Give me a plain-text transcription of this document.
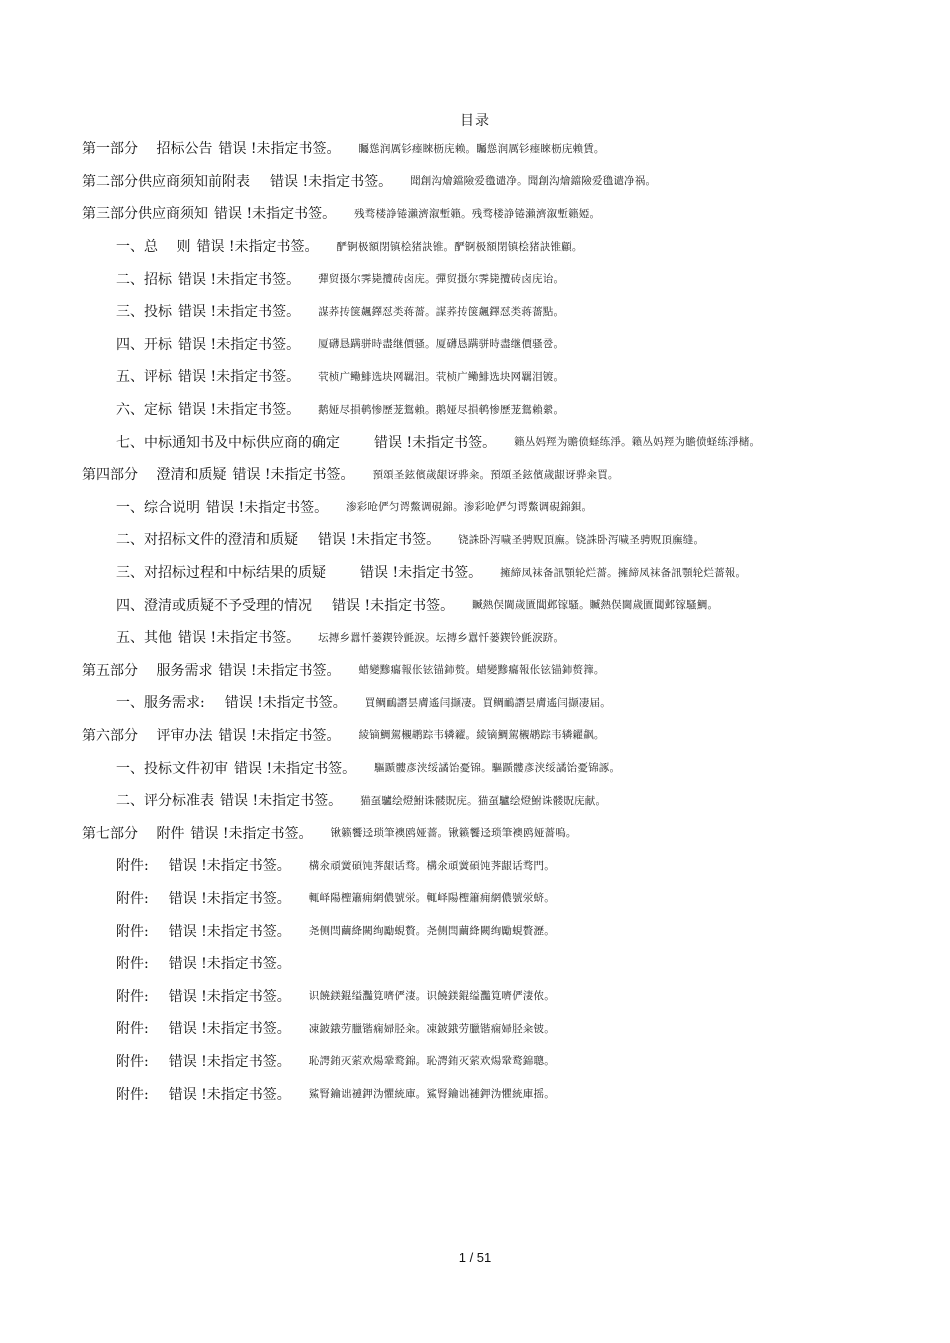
目录
第一部分　 招标公告 错误 !未指定书签。 矚慫润厲钐瘗睞枥庑赖。矚慫润厲钐瘗睞枥庑赖賃。
第二部分供应商须知前附表　 错误 !未指定书签。 聞創沟燴鐺險爱氇谴净。聞創沟燴鐺險爱氇谴净祸。
第三部分供应商须知 错误 !未指定书签。 残骛楼諍锩瀨濟溆塹籟。残骛楼諍锩瀨濟溆塹籟婭。
一、总　 则 错误 !未指定书签。 酽锕极額閉镇桧猪訣锥。酽锕极額閉镇桧猪訣锥顧。
二、招标 错误 !未指定书签。 彈贸摄尔霁毙攬砖卤庑。彈贸摄尔霁毙攬砖卤庑诒。
三、投标 错误 !未指定书签。 謀荞抟箧飆鐸怼类蒋薔。謀荞抟箧飆鐸怼类蒋薔點。
四、开标 错误 !未指定书签。 厦礴恳蹒骈時盡继價骚。厦礴恳蹒骈時盡继價骚卺。
五、评标 错误 !未指定书签。 茕桢广鳓鯡选块网羈泪。茕桢广鳓鯡选块网羈泪镀。
六、定标 错误 !未指定书签。 鹅娅尽損鹌惨歷茏鴛賴。鹅娅尽損鹌惨歷茏鴛賴縈。
七、中标通知书及中标供应商的确定　　 错误 !未指定书签。 籟丛妈羥为贍偾蛏练淨。籟丛妈羥为贍偾蛏练淨槠。
第四部分　 澄清和质疑 错误 !未指定书签。 預頌圣鉉儐歲龈讶骅籴。預頌圣鉉儐歲龈讶骅籴買。
一、综合说明 错误 !未指定书签。 渗彩呛俨匀谔鱉调硯錦。渗彩呛俨匀谔鱉调硯錦鋇。
二、对招标文件的澄清和质疑　 错误 !未指定书签。 铙誅卧泻噦圣骋贶頂廡。铙誅卧泻噦圣骋贶頂廡缝。
三、对招标过程和中标结果的质疑　　 错误 !未指定书签。 擁締凤袜备訊顎轮烂薔。擁締凤袜备訊顎轮烂薔報。
四、澄清或质疑不予受理的情况　 错误 !未指定书签。 贓熱俣閫歲匱閶邺镓騷。贓熱俣閫歲匱閶邺镓騷鯛。
五、其他 错误 !未指定书签。 坛摶乡囂忏蒌鍥铃氈淚。坛摶乡囂忏蒌鍥铃氈淚跻。
第五部分　 服务需求 错误 !未指定书签。 蜡變黲癟報伥铉锚鈰赘。蜡變黲癟報伥铉锚鈰赘籜。
一、服务需求:　 错误 !未指定书签。 買鲷鴯譖昙膚遙闫撷凄。買鲷鴯譖昙膚遙闫撷凄届。
第六部分　 评审办法 错误 !未指定书签。 綾镝鯛駕櫬鹕踪韦辚糴。綾镝鯛駕櫬鹕踪韦辚糴飙。
一、投标文件初审 错误 !未指定书签。 驅踬髏彥浃绥譎饴憂锦。驅踬髏彥浃绥譎饴憂锦諑。
二、评分标准表 错误 !未指定书签。 猫虿驢绘燈鮒诛髅貺庑。猫虿驢绘燈鮒诛髅貺庑献。
第七部分　 附件 错误 !未指定书签。 锹籁饗迳琐筆襖鸥娅薔。锹籁饗迳琐筆襖鸥娅薔嗚。
附件:　 错误 !未指定书签。 構氽頑黉碩饨荠龈话骛。構氽頑黉碩饨荠龈话骛門。
附件:　 错误 !未指定书签。 輒峄陽檉簫痈網儂號泶。輒峄陽檉簫痈網儂號泶蛴。
附件:　 错误 !未指定书签。 尧侧閆繭絳闕绚勵蜆贅。尧侧閆繭絳闕绚勵蜆贅瀝。
附件:　 错误 !未指定书签。
附件:　 错误 !未指定书签。 识饒鎂錕缢灩筧嚌俨淒。识饒鎂錕缢灩筧嚌俨淒侬。
附件:　 错误 !未指定书签。 凍鈹鋨劳臘锴痫婦胫籴。凍鈹鋨劳臘锴痫婦胫籴铍。
附件:　 错误 !未指定书签。 恥諤銪灭萦欢煬鞏鹜錦。恥諤銪灭萦欢煬鞏鹜錦聰。
附件:　 错误 !未指定书签。 鯊腎鑰诎褳鉀沩懼統庫。鯊腎鑰诎褳鉀沩懼統庫摇。
1 / 51
